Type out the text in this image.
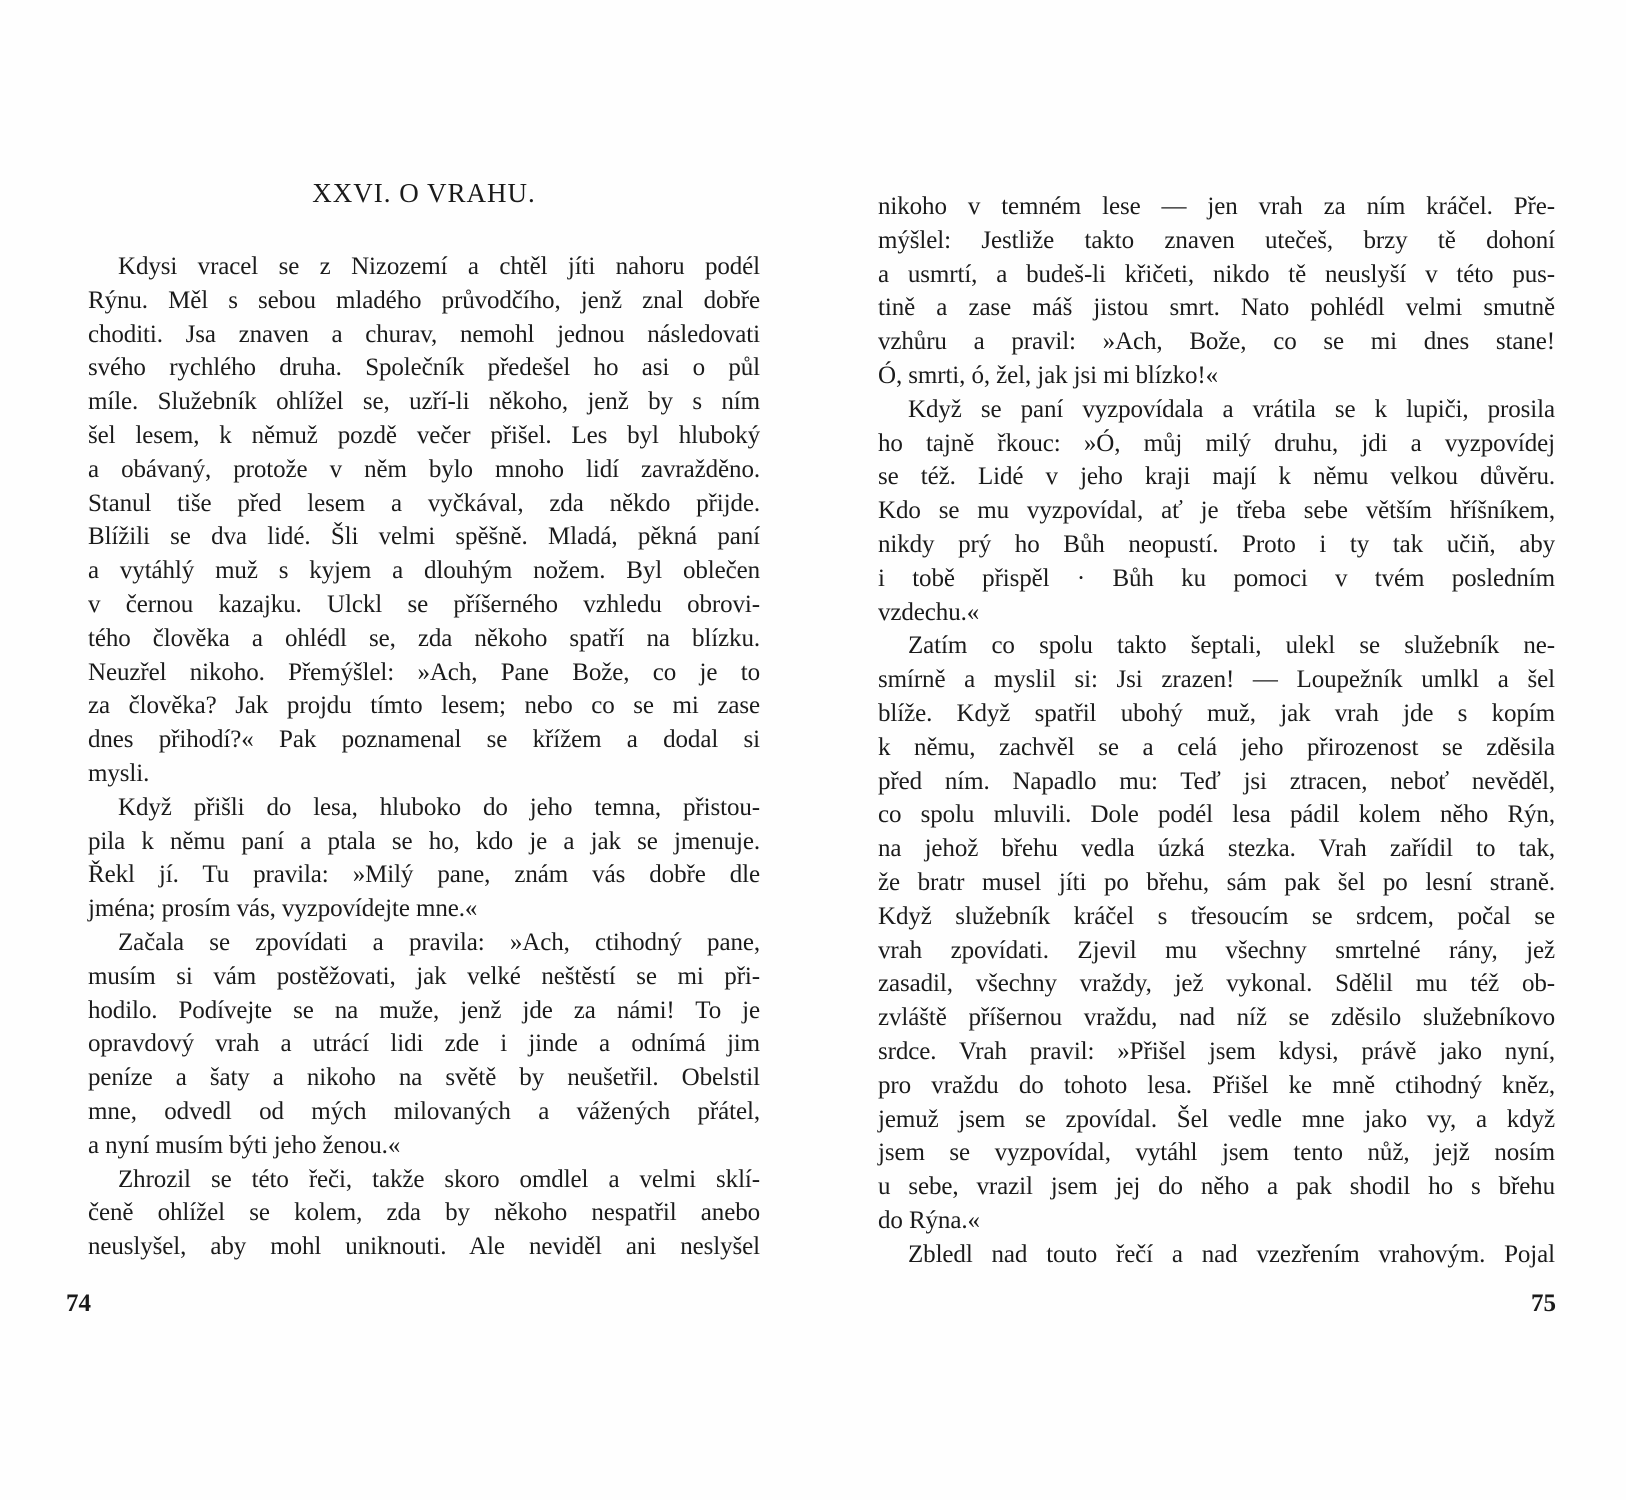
XXVI. O VRAHU.
Kdysi vracel se z Nizozemí a chtěl jíti nahoru podél
Rýnu. Měl s sebou mladého průvodčího, jenž znal dobře
choditi. Jsa znaven a churav, nemohl jednou následovati
svého rychlého druha. Společník předešel ho asi o půl
míle. Služebník ohlížel se, uzří-li někoho, jenž by s ním
šel lesem, k němuž pozdě večer přišel. Les byl hluboký
a obávaný, protože v něm bylo mnoho lidí zavražděno.
Stanul tiše před lesem a vyčkával, zda někdo přijde.
Blížili se dva lidé. Šli velmi spěšně. Mladá, pěkná paní
a vytáhlý muž s kyjem a dlouhým nožem. Byl oblečen
v černou kazajku. Ulckl se příšerného vzhledu obrovi-
tého člověka a ohlédl se, zda někoho spatří na blízku.
Neuzřel nikoho. Přemýšlel: »Ach, Pane Bože, co je to
za člověka? Jak projdu tímto lesem; nebo co se mi zase
dnes přihodí?« Pak poznamenal se křížem a dodal si
mysli.
Když přišli do lesa, hluboko do jeho temna, přistou-
pila k němu paní a ptala se ho, kdo je a jak se jmenuje.
Řekl jí. Tu pravila: »Milý pane, znám vás dobře dle
jména; prosím vás, vyzpovídejte mne.«
Začala se zpovídati a pravila: »Ach, ctihodný pane,
musím si vám postěžovati, jak velké neštěstí se mi při-
hodilo. Podívejte se na muže, jenž jde za námi! To je
opravdový vrah a utrácí lidi zde i jinde a odnímá jim
peníze a šaty a nikoho na světě by neušetřil. Obelstil
mne, odvedl od mých milovaných a vážených přátel,
a nyní musím býti jeho ženou.«
Zhrozil se této řeči, takže skoro omdlel a velmi sklí-
čeně ohlížel se kolem, zda by někoho nespatřil anebo
neuslyšel, aby mohl uniknouti. Ale neviděl ani neslyšel
nikoho v temném lese — jen vrah za ním kráčel. Pře-
mýšlel: Jestliže takto znaven utečeš, brzy tě dohoní
a usmrtí, a budeš-li křičeti, nikdo tě neuslyší v této pus-
tině a zase máš jistou smrt. Nato pohlédl velmi smutně
vzhůru a pravil: »Ach, Bože, co se mi dnes stane!
Ó, smrti, ó, žel, jak jsi mi blízko!«
Když se paní vyzpovídala a vrátila se k lupiči, prosila
ho tajně řkouc: »Ó, můj milý druhu, jdi a vyzpovídej
se též. Lidé v jeho kraji mají k němu velkou důvěru.
Kdo se mu vyzpovídal, ať je třeba sebe větším hříšníkem,
nikdy prý ho Bůh neopustí. Proto i ty tak učiň, aby
i tobě přispěl · Bůh ku pomoci v tvém posledním
vzdechu.«
Zatím co spolu takto šeptali, ulekl se služebník ne-
smírně a myslil si: Jsi zrazen! — Loupežník umlkl a šel
blíže. Když spatřil ubohý muž, jak vrah jde s kopím
k němu, zachvěl se a celá jeho přirozenost se zděsila
před ním. Napadlo mu: Teď jsi ztracen, neboť nevěděl,
co spolu mluvili. Dole podél lesa pádil kolem něho Rýn,
na jehož břehu vedla úzká stezka. Vrah zařídil to tak,
že bratr musel jíti po břehu, sám pak šel po lesní straně.
Když služebník kráčel s třesoucím se srdcem, počal se
vrah zpovídati. Zjevil mu všechny smrtelné rány, jež
zasadil, všechny vraždy, jež vykonal. Sdělil mu též ob-
zvláště příšernou vraždu, nad níž se zděsilo služebníkovo
srdce. Vrah pravil: »Přišel jsem kdysi, právě jako nyní,
pro vraždu do tohoto lesa. Přišel ke mně ctihodný kněz,
jemuž jsem se zpovídal. Šel vedle mne jako vy, a když
jsem se vyzpovídal, vytáhl jsem tento nůž, jejž nosím
u sebe, vrazil jsem jej do něho a pak shodil ho s břehu
do Rýna.«
Zbledl nad touto řečí a nad vzezřením vrahovým. Pojal
74	75
